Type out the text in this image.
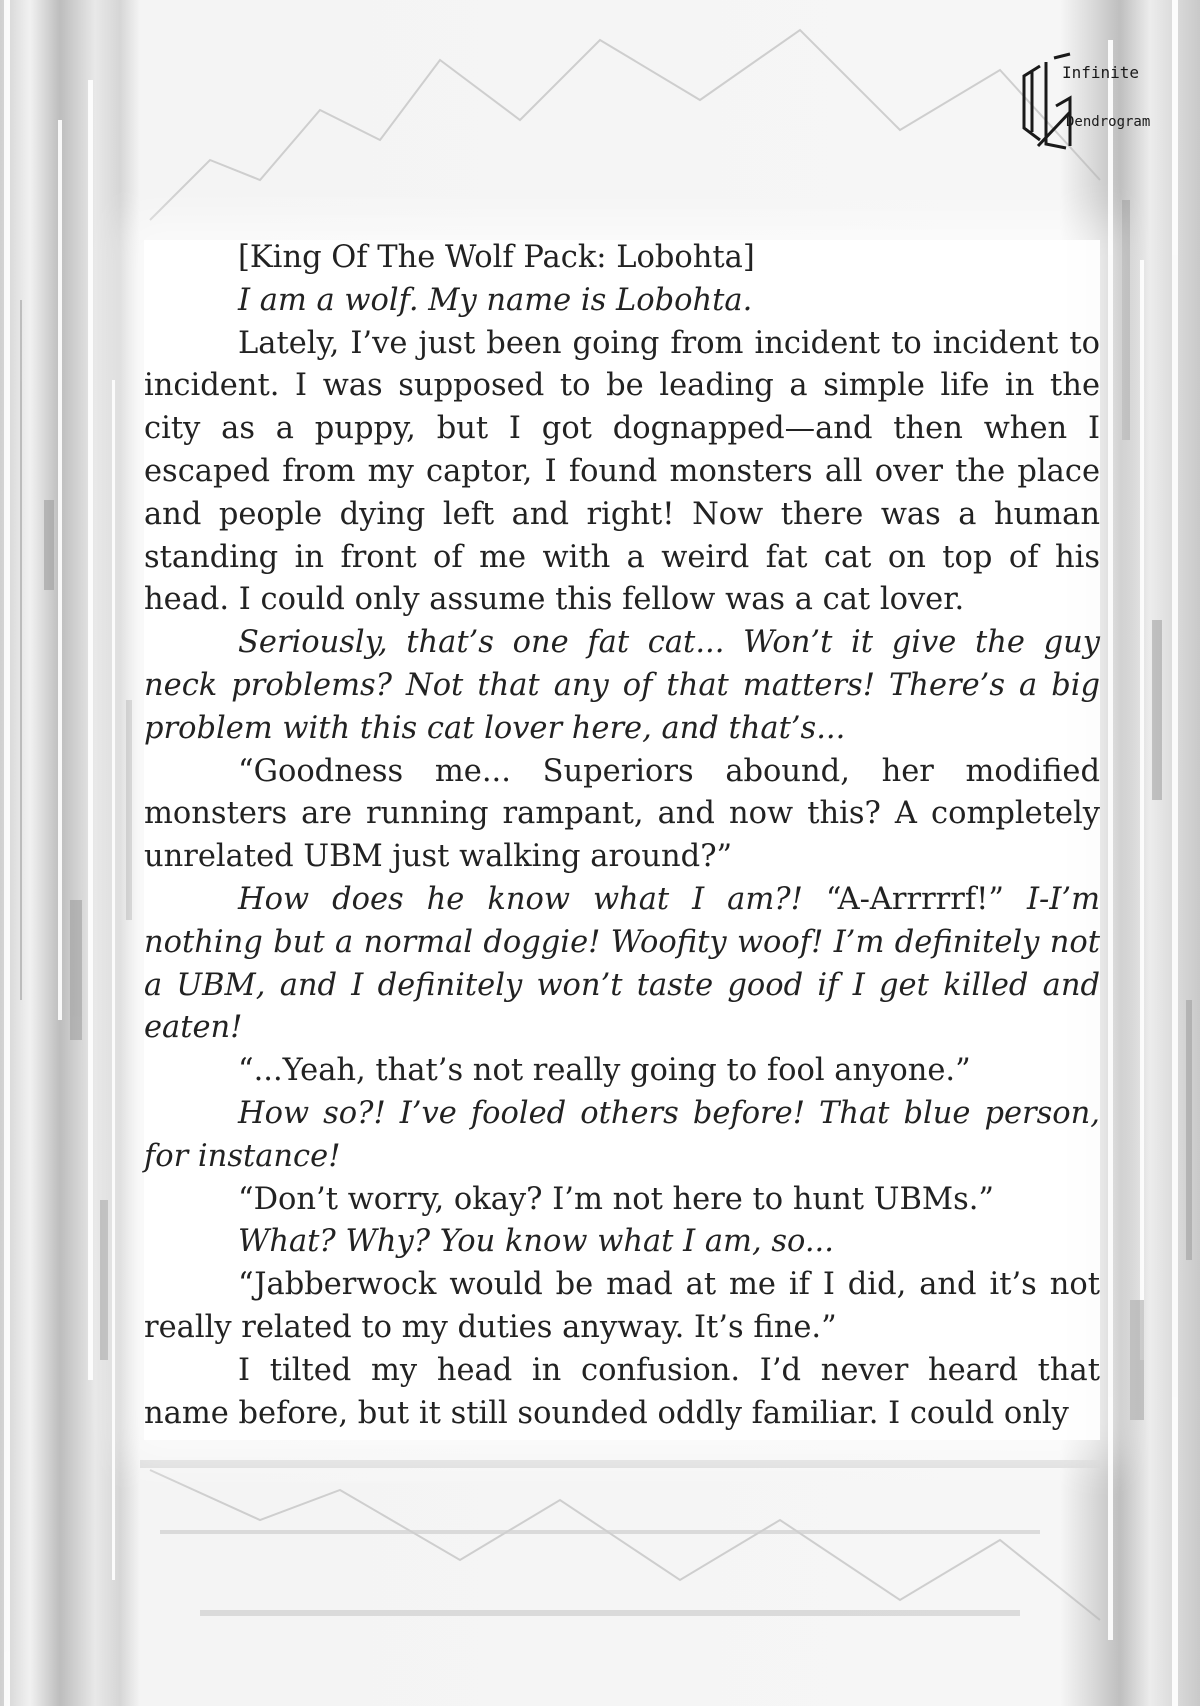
Infinite
Dendrogram

[King Of The Wolf Pack: Lobohta]

I am a wolf. My name is Lobohta.

Lately, I’ve just been going from incident to incident to incident. I was supposed to be leading a simple life in the city as a puppy, but I got dognapped—and then when I escaped from my captor, I found monsters all over the place and people dying left and right! Now there was a human standing in front of me with a weird fat cat on top of his head. I could only assume this fellow was a cat lover.

Seriously, that’s one fat cat... Won’t it give the guy neck problems? Not that any of that matters! There’s a big problem with this cat lover here, and that’s...

“Goodness me... Superiors abound, her modified monsters are running rampant, and now this? A completely unrelated UBM just walking around?”

How does he know what I am?! “A-Arrrrrf!” I-I’m nothing but a normal doggie! Woofity woof! I’m definitely not a UBM, and I definitely won’t taste good if I get killed and eaten!

“...Yeah, that’s not really going to fool anyone.”

How so?! I’ve fooled others before! That blue person, for instance!

“Don’t worry, okay? I’m not here to hunt UBMs.”

What? Why? You know what I am, so...

“Jabberwock would be mad at me if I did, and it’s not really related to my duties anyway. It’s fine.”

I tilted my head in confusion. I’d never heard that name before, but it still sounded oddly familiar. I could only
